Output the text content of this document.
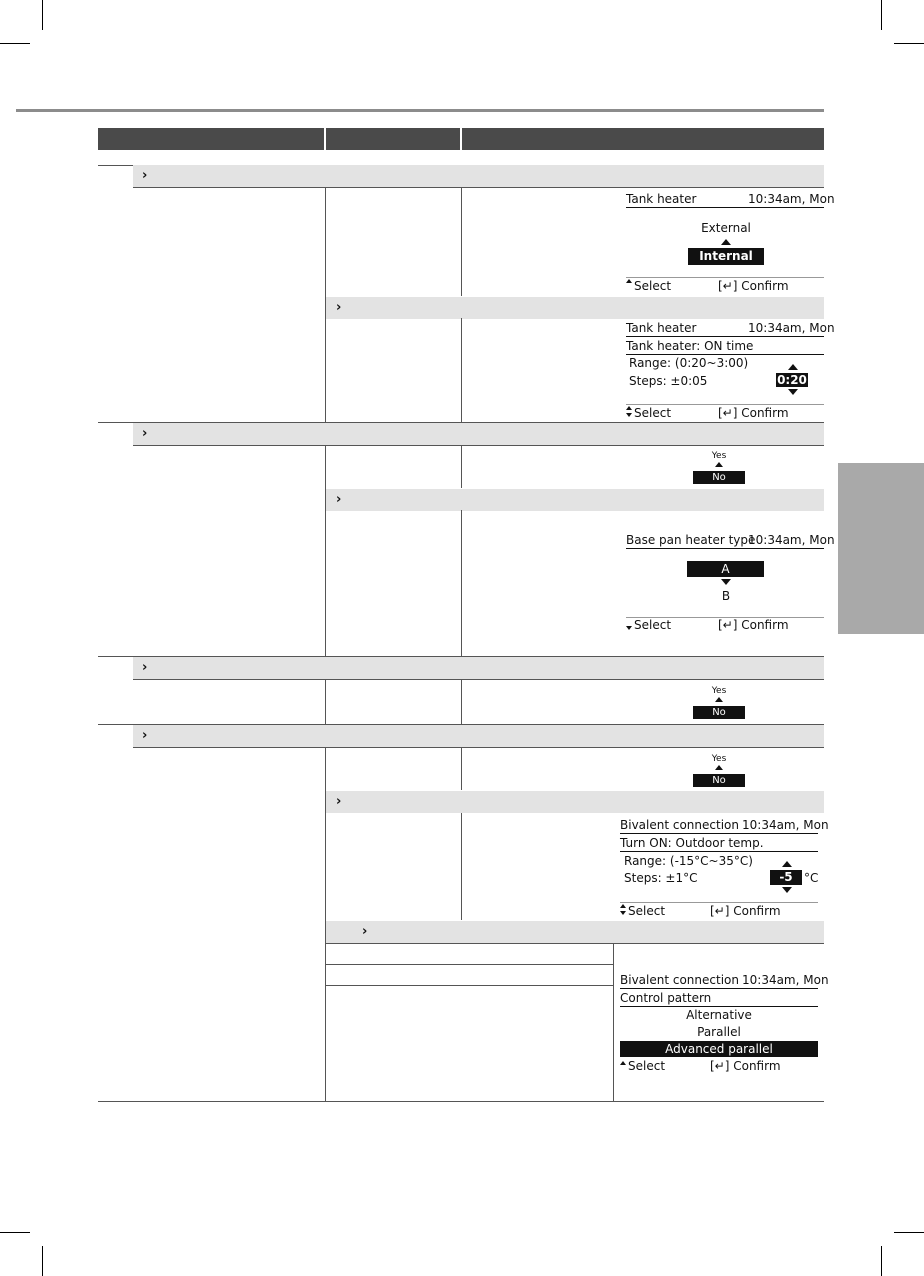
›
›
Tank heater	10:34am, Mon
External
Internal
Select	[↵] Confirm
Tank heater	10:34am, Mon
Tank heater: ON time
Range: (0:20~3:00)
Steps: ±0:05	0:20
Select	[↵] Confirm
›
Yes
No
›
Base pan heater type
10:34am, Mon
A
B
Select	[↵] Confirm
›
Yes
No
›
Yes
No
›
Bivalent connection 10:34am, Mon
Turn ON: Outdoor temp.
Range: (-15°C~35°C)
Steps: ±1°C	-5 °C
Select	[↵] Confirm
›
Bivalent connection 10:34am, Mon
Control pattern
Alternative
Parallel
Advanced parallel
Select	[↵] Confirm
